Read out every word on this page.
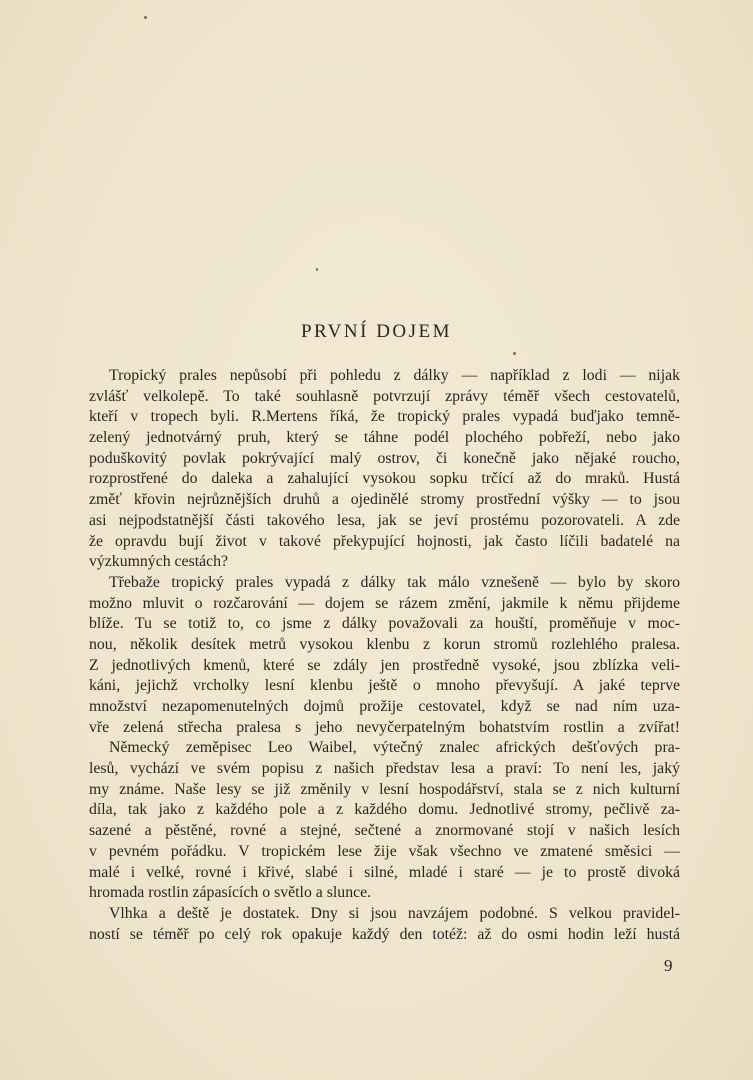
PRVNÍ DOJEM
Tropický prales nepůsobí při pohledu z dálky — například z lodi — nijak
zvlášť velkolepě. To také souhlasně potvrzují zprávy téměř všech cestovatelů,
kteří v tropech byli. R.Mertens říká, že tropický prales vypadá buďjako temně-
zelený jednotvárný pruh, který se táhne podél plochého pobřeží, nebo jako
poduškovitý povlak pokrývající malý ostrov, či konečně jako nějaké roucho,
rozprostřené do daleka a zahalující vysokou sopku trčící až do mraků. Hustá
změť křovin nejrůznějších druhů a ojedinělé stromy prostřední výšky — to jsou
asi nejpodstatnější části takového lesa, jak se jeví prostému pozorovateli. A zde
že opravdu bují život v takové překypující hojnosti, jak často líčili badatelé na
výzkumných cestách?
Třebaže tropický prales vypadá z dálky tak málo vznešeně — bylo by skoro
možno mluvit o rozčarování — dojem se rázem změní, jakmile k němu přijdeme
blíže. Tu se totiž to, co jsme z dálky považovali za houští, proměňuje v moc-
nou, několik desítek metrů vysokou klenbu z korun stromů rozlehlého pralesa.
Z jednotlivých kmenů, které se zdály jen prostředně vysoké, jsou zblízka veli-
káni, jejichž vrcholky lesní klenbu ještě o mnoho převyšují. A jaké teprve
množství nezapomenutelných dojmů prožije cestovatel, když se nad ním uza-
vře zelená střecha pralesa s jeho nevyčerpatelným bohatstvím rostlin a zvířat!
Německý zeměpisec Leo Waibel, výtečný znalec afrických dešťových pra-
lesů, vychází ve svém popisu z našich představ lesa a praví: To není les, jaký
my známe. Naše lesy se již změnily v lesní hospodářství, stala se z nich kulturní
díla, tak jako z každého pole a z každého domu. Jednotlivé stromy, pečlivě za-
sazené a pěstěné, rovné a stejné, sečtené a znormované stojí v našich lesích
v pevném pořádku. V tropickém lese žije však všechno ve zmatené směsici —
malé i velké, rovné i křivé, slabé i silné, mladé i staré — je to prostě divoká
hromada rostlin zápasících o světlo a slunce.
Vlhka a deště je dostatek. Dny si jsou navzájem podobné. S velkou pravidel-
ností se téměř po celý rok opakuje každý den totéž: až do osmi hodin leží hustá
9
